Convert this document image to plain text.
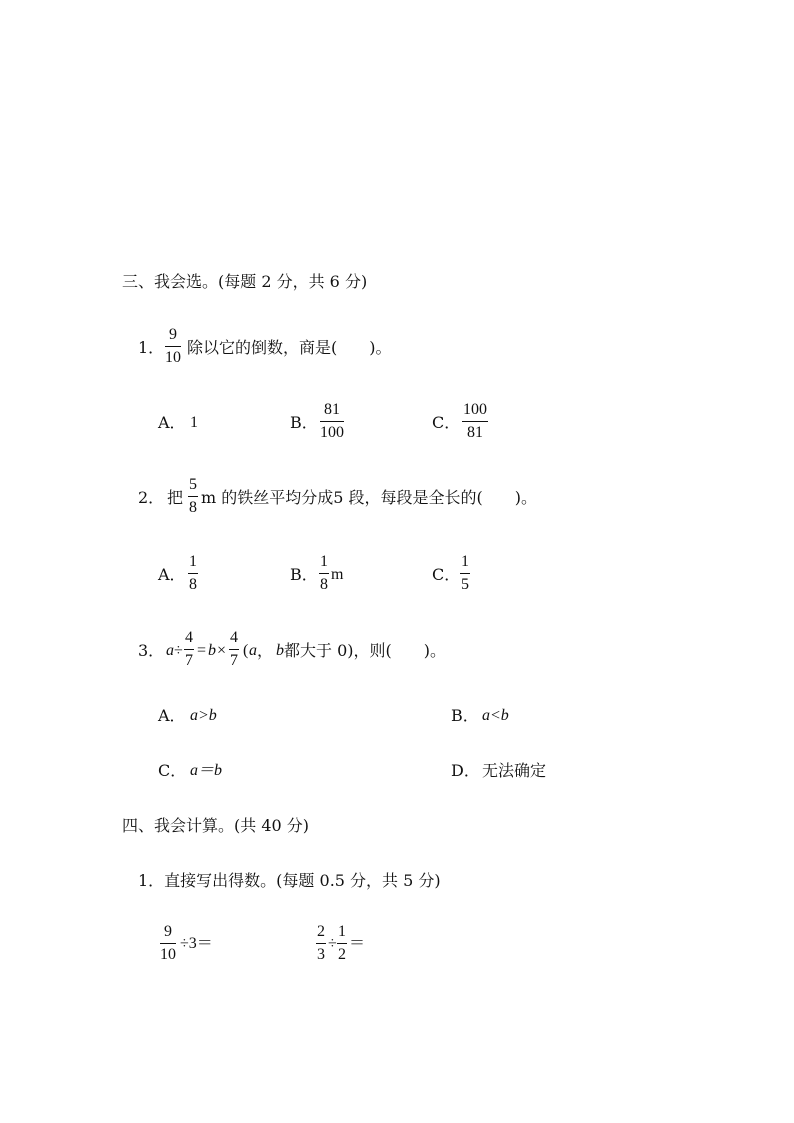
三、我会选。(每题 2 分，共 6 分)
1．
9
10
除以它的倒数，商是(　　)。
A． 1	B．
81
100
C．
100
81
2． 把
5
8
m 的铁丝平均分成5 段，每段是全长的(　　)。
A．
1
8
B．
1
8
m	C．
1
5
3． a ÷
4
7
= b ×
4
7
( a ， b 都大于 0)，则(　　)。
A． a>b	B． a<b
C． a＝b	D． 无法确定
四、我会计算。(共 40 分)
1．直接写出得数。(每题 0.5 分，共 5 分)
9
10
÷3＝
2
3
÷
1
2
＝
